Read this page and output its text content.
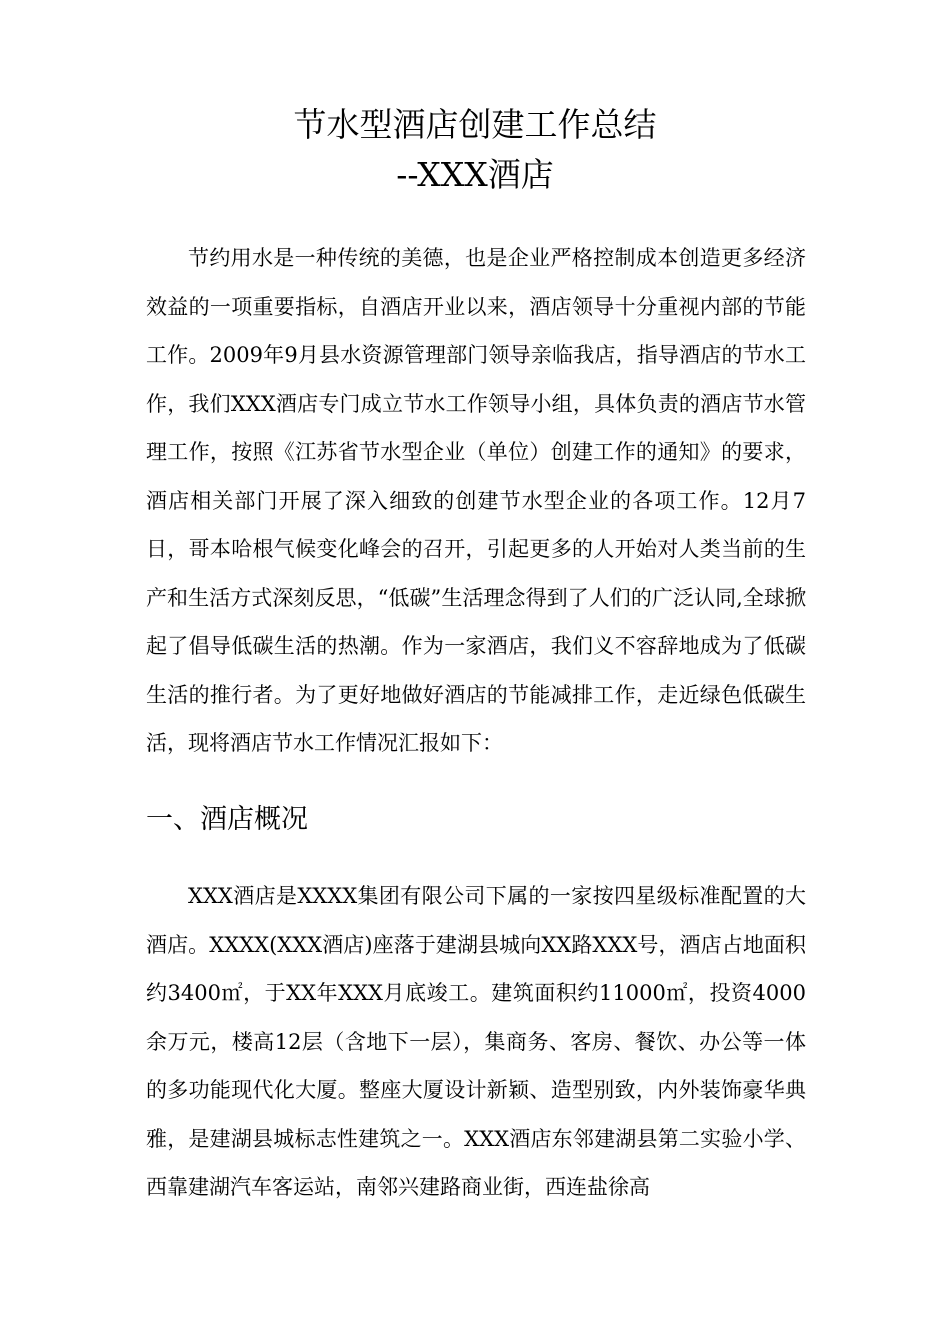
节水型酒店创建工作总结
--XXX酒店

节约用水是一种传统的美德，也是企业严格控制成本创造更多经济效益的一项重要指标，自酒店开业以来，酒店领导十分重视内部的节能工作。2009年9月县水资源管理部门领导亲临我店，指导酒店的节水工作，我们XXX酒店专门成立节水工作领导小组，具体负责的酒店节水管理工作，按照《江苏省节水型企业（单位）创建工作的通知》的要求，酒店相关部门开展了深入细致的创建节水型企业的各项工作。12月7日，哥本哈根气候变化峰会的召开，引起更多的人开始对人类当前的生产和生活方式深刻反思，“低碳”生活理念得到了人们的广泛认同,全球掀起了倡导低碳生活的热潮。作为一家酒店，我们义不容辞地成为了低碳生活的推行者。为了更好地做好酒店的节能减排工作，走近绿色低碳生活，现将酒店节水工作情况汇报如下：

一、酒店概况

XXX酒店是XXXX集团有限公司下属的一家按四星级标准配置的大酒店。XXXX(XXX酒店)座落于建湖县城向XX路XXX号，酒店占地面积约3400㎡，于XX年XXX月底竣工。建筑面积约11000㎡，投资4000余万元，楼高12层（含地下一层），集商务、客房、餐饮、办公等一体的多功能现代化大厦。整座大厦设计新颖、造型别致，内外装饰豪华典雅，是建湖县城标志性建筑之一。XXX酒店东邻建湖县第二实验小学、西靠建湖汽车客运站，南邻兴建路商业街，西连盐徐高
